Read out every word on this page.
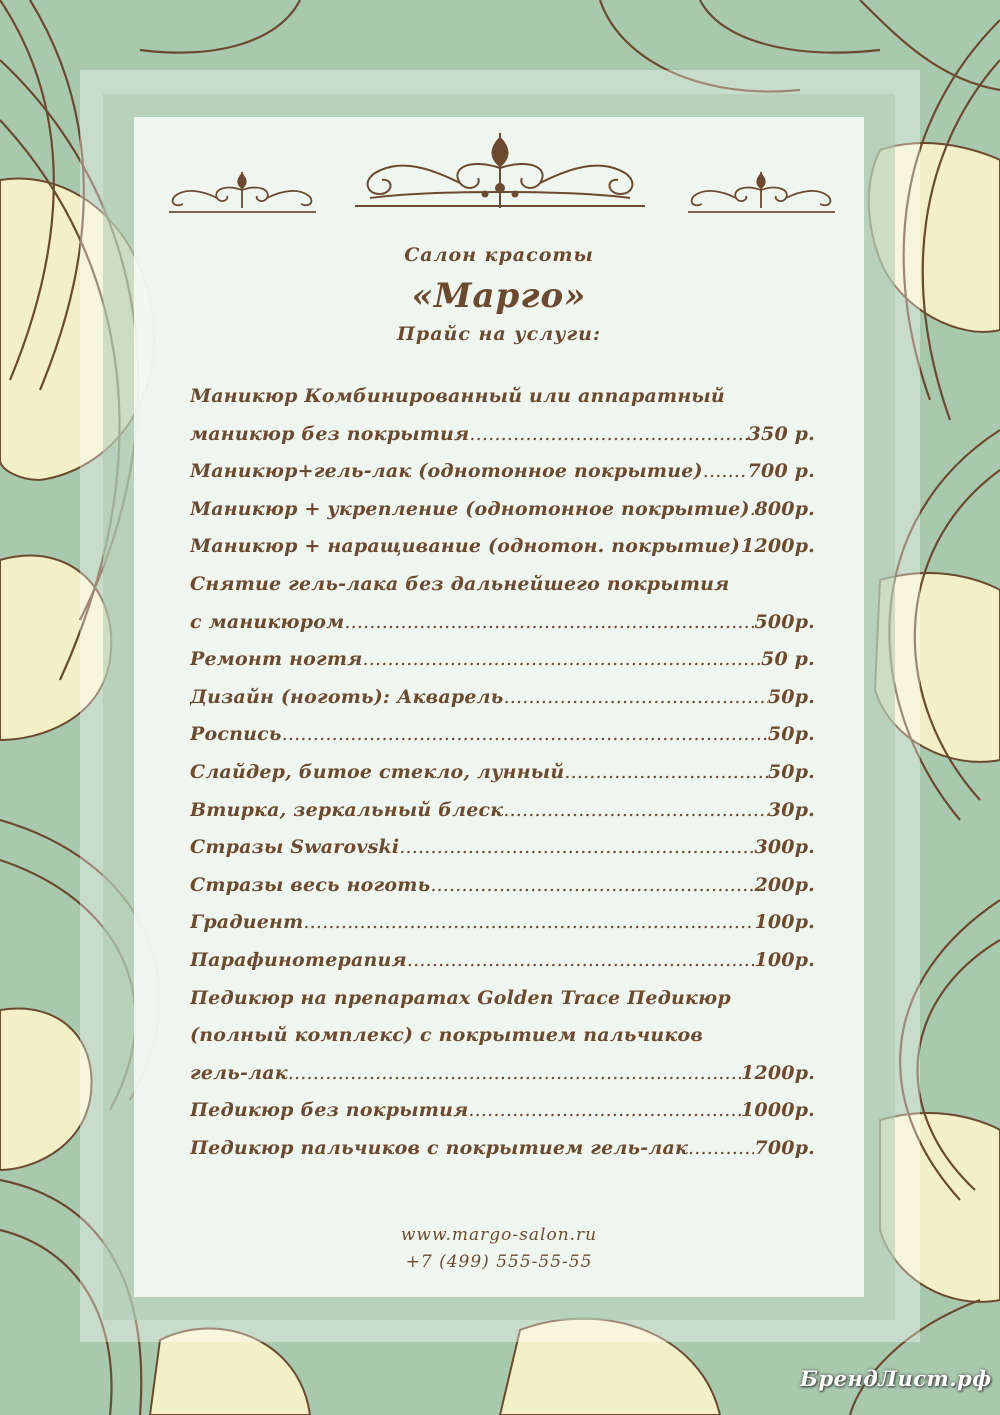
Салон красоты
«Марго»
Прайс на услуги:
Маникюр Комбинированный или аппаратный
маникюр без покрытия .....	350 р.
Маникюр+гель-лак (однотонное покрытие) ..... 700 р.
Маникюр + укрепление (однотонное покрытие) ..... 800р.
Маникюр + наращивание (однотон. покрытие) ..... 1200р.
Снятие гель-лака без дальнейшего покрытия
с маникюром .....	500р.
Ремонт ногтя .....	50 р.
Дизайн (ноготь): Акварель .....	50р.
Роспись .....	50р.
Слайдер, битое стекло, лунный .....	50р.
Втирка, зеркальный блеск .....	30р.
Стразы Swarovski .....	300р.
Стразы весь ноготь .....	200р.
Градиент .....	100р.
Парафинотерапия .....	100р.
Педикюр на препаратах Golden Trace Педикюр
(полный комплекс) с покрытием пальчиков
гель-лак .....	1200р.
Педикюр без покрытия .....	1000р.
Педикюр пальчиков с покрытием гель-лак .....	700р.
www.margo-salon.ru
+7 (499) 555-55-55
БрендЛист.рф
